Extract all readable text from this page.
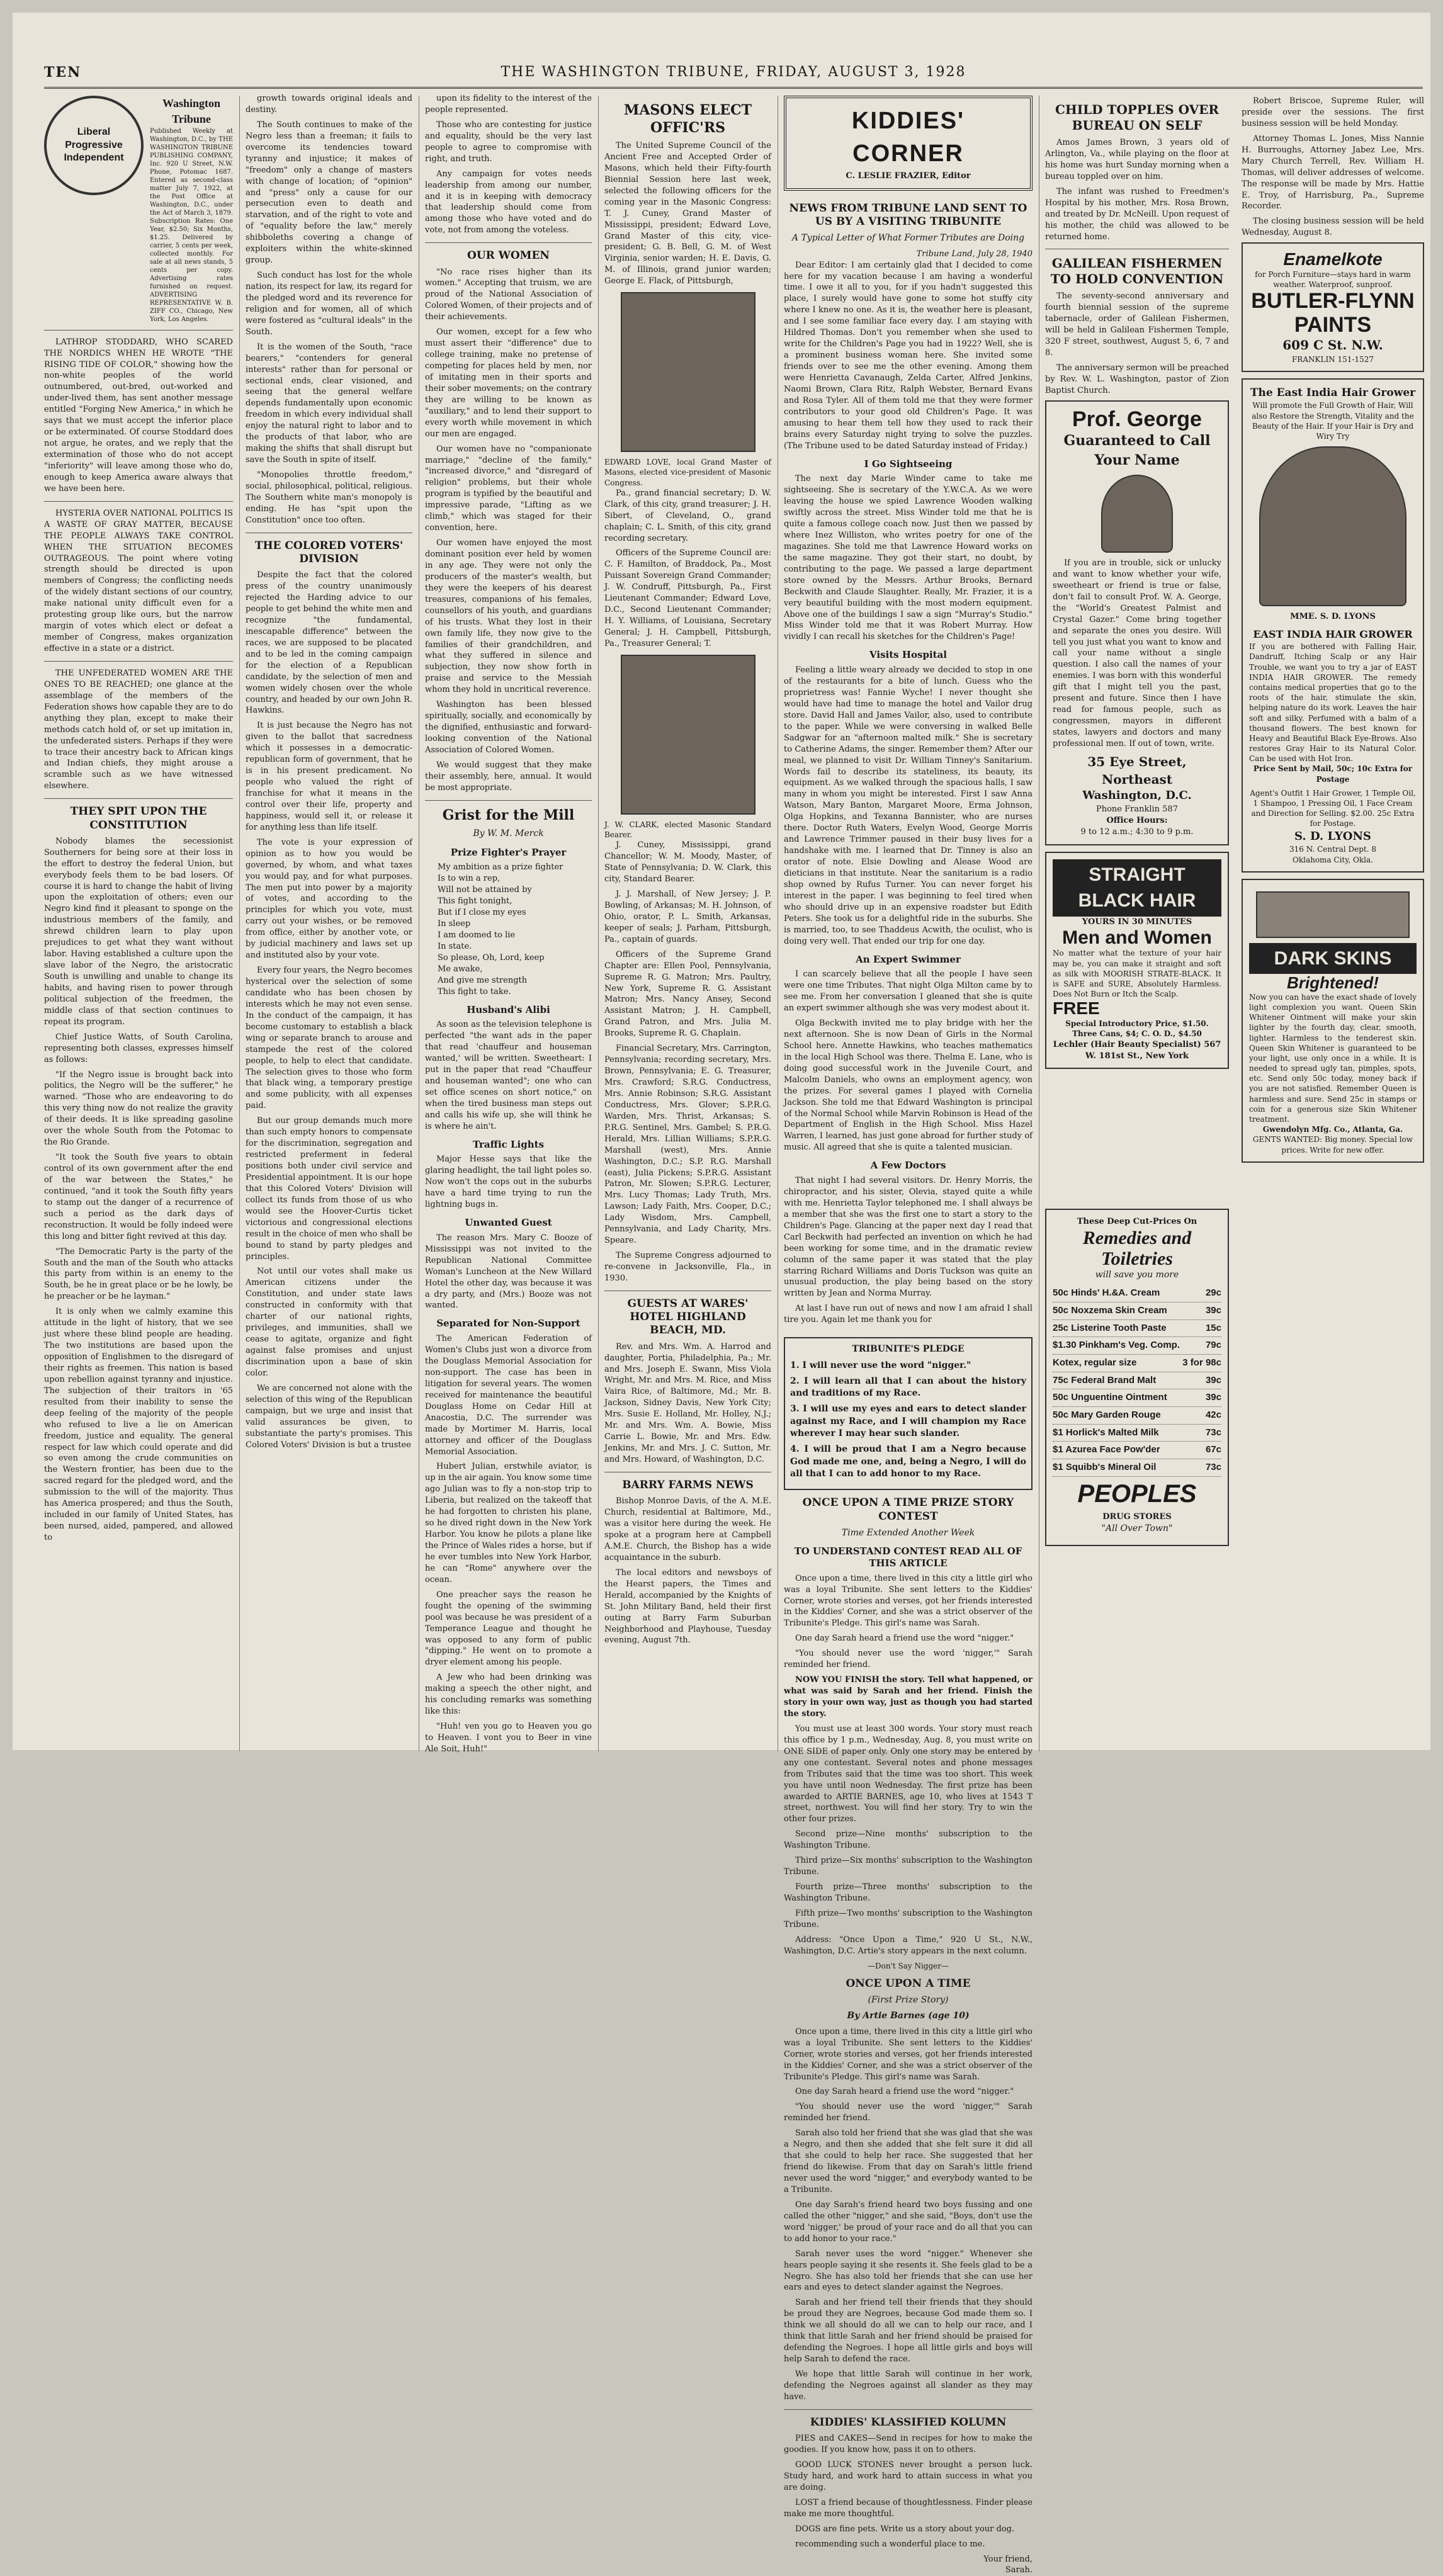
TEN	THE WASHINGTON TRIBUNE, FRIDAY, AUGUST 3, 1928
Liberal
Progressive
Independent
Washington Tribune
Published Weekly at Washington, D.C., by THE WASHINGTON TRIBUNE PUBLISHING COMPANY, Inc. 920 U Street, N.W. Phone, Potomac 1687. Entered as second-class matter July 7, 1922, at the Post Office at Washington, D.C., under the Act of March 3, 1879. Subscription Rates: One Year, $2.50; Six Months, $1.25. Delivered by carrier, 5 cents per week, collected monthly. For sale at all news stands, 5 cents per copy. Advertising rates furnished on request. ADVERTISING REPRESENTATIVE W. B. ZIFF CO., Chicago, New York, Los Angeles.

LATHROP STODDARD, WHO SCARED THE NORDICS WHEN HE WROTE "THE RISING TIDE OF COLOR," showing how the non-white peoples of the world outnumbered, out-bred, out-worked and under-lived them, has sent another message entitled "Forging New America," in which he says that we must accept the inferior place or be exterminated. Of course Stoddard does not argue, he orates, and we reply that the extermination of those who do not accept "inferiority" will leave among those who do, enough to keep America aware always that we have been here.

HYSTERIA OVER NATIONAL POLITICS IS A WASTE OF GRAY MATTER, BECAUSE THE PEOPLE ALWAYS TAKE CONTROL WHEN THE SITUATION BECOMES OUTRAGEOUS. The point where voting strength should be directed is upon members of Congress; the conflicting needs of the widely distant sections of our country, make national unity difficult even for a protesting group like ours, but the narrow margin of votes which elect or defeat a member of Congress, makes organization effective in a state or a district.

THE UNFEDERATED WOMEN ARE THE ONES TO BE REACHED; one glance at the assemblage of the members of the Federation shows how capable they are to do anything they plan, except to make their methods catch hold of, or set up imitation in, the unfederated sisters. Perhaps if they were to trace their ancestry back to African kings and Indian chiefs, they might arouse a scramble such as we have witnessed elsewhere.

THEY SPIT UPON THE CONSTITUTION

Nobody blames the secessionist Southerners for being sore at their loss in the effort to destroy the federal Union, but everybody feels them to be bad losers. Of course it is hard to change the habit of living upon the exploitation of others; even our Negro kind find it pleasant to sponge on the industrious members of the family, and shrewd children learn to play upon prejudices to get what they want without labor. Having established a culture upon the slave labor of the Negro, the aristocratic South is unwilling and unable to change its habits, and having risen to power through political subjection of the freedmen, the middle class of that section continues to repeat its program.

Chief Justice Watts, of South Carolina, representing both classes, expresses himself as follows:

"If the Negro issue is brought back into politics, the Negro will be the sufferer," he warned. "Those who are endeavoring to do this very thing now do not realize the gravity of their deeds. It is like spreading gasoline over the whole South from the Potomac to the Rio Grande.

"It took the South five years to obtain control of its own government after the end of the war between the States," he continued, "and it took the South fifty years to stamp out the danger of a recurrence of such a period as the dark days of reconstruction. It would be folly indeed were this long and bitter fight revived at this day.

"The Democratic Party is the party of the South and the man of the South who attacks this party from within is an enemy to the South, be he in great place or be he lowly, be he preacher or be he layman."

It is only when we calmly examine this attitude in the light of history, that we see just where these blind people are heading. The two institutions are based upon the opposition of Englishmen to the disregard of their rights as freemen. This nation is based upon rebellion against tyranny and injustice. The subjection of their traitors in '65 resulted from their inability to sense the deep feeling of the majority of the people who refused to live a lie on American freedom, justice and equality. The general respect for law which could operate and did so even among the crude communities on the Western frontier, has been due to the sacred regard for the pledged word, and the submission to the will of the majority. Thus has America prospered; and thus the South, included in our family of United States, has been nursed, aided, pampered, and allowed to

growth towards original ideals and destiny.

The South continues to make of the Negro less than a freeman; it fails to overcome its tendencies toward tyranny and injustice; it makes of "freedom" only a change of masters with change of location; of "opinion" and "press" only a cause for our persecution even to death and starvation, and of the right to vote and of "equality before the law," merely shibboleths covering a change of exploiters within the white-skinned group.

Such conduct has lost for the whole nation, its respect for law, its regard for the pledged word and its reverence for religion and for women, all of which were fostered as "cultural ideals" in the South.

It is the women of the South, "race bearers," "contenders for general interests" rather than for personal or sectional ends, clear visioned, and seeing that the general welfare depends fundamentally upon economic freedom in which every individual shall enjoy the natural right to labor and to the products of that labor, who are making the shifts that shall disrupt but save the South in spite of itself.

"Monopolies throttle freedom," social, philosophical, political, religious. The Southern white man's monopoly is ending. He has "spit upon the Constitution" once too often.

THE COLORED VOTERS' DIVISION

Despite the fact that the colored press of the country unanimously rejected the Harding advice to our people to get behind the white men and recognize "the fundamental, inescapable difference" between the races, we are supposed to be placated and to be led in the coming campaign for the election of a Republican candidate, by the selection of men and women widely chosen over the whole country, and headed by our own John R. Hawkins.

It is just because the Negro has not given to the ballot that sacredness which it possesses in a democratic-republican form of government, that he is in his present predicament. No people who valued the right of franchise for what it means in the control over their life, property and happiness, would sell it, or release it for anything less than life itself.

The vote is your expression of opinion as to how you would be governed, by whom, and what taxes you would pay, and for what purposes. The men put into power by a majority of votes, and according to the principles for which you vote, must carry out your wishes, or be removed from office, either by another vote, or by judicial machinery and laws set up and instituted also by your vote.

Every four years, the Negro becomes hysterical over the selection of some candidate who has been chosen by interests which he may not even sense. In the conduct of the campaign, it has become customary to establish a black wing or separate branch to arouse and stampede the rest of the colored people, to help to elect that candidate. The selection gives to those who form that black wing, a temporary prestige and some publicity, with all expenses paid.

But our group demands much more than such empty honors to compensate for the discrimination, segregation and restricted preferment in federal positions both under civil service and Presidential appointment. It is our hope that this Colored Voters' Division will collect its funds from those of us who would see the Hoover-Curtis ticket victorious and congressional elections result in the choice of men who shall be bound to stand by party pledges and principles.

Not until our votes shall make us American citizens under the Constitution, and under state laws constructed in conformity with that charter of our national rights, privileges, and immunities, shall we cease to agitate, organize and fight against false promises and unjust discrimination upon a base of skin color.

We are concerned not alone with the selection of this wing of the Republican campaign, but we urge and insist that valid assurances be given, to substantiate the party's promises. This Colored Voters' Division is but a trustee

upon its fidelity to the interest of the people represented.

Those who are contesting for justice and equality, should be the very last people to agree to compromise with right, and truth.

Any campaign for votes needs leadership from among our number, and it is in keeping with democracy that leadership should come from among those who have voted and do vote, not from among the voteless.

OUR WOMEN

"No race rises higher than its women." Accepting that truism, we are proud of the National Association of Colored Women, of their projects and of their achievements.

Our women, except for a few who must assert their "difference" due to college training, make no pretense of competing for places held by men, nor of imitating men in their sports and their sober movements; on the contrary they are willing to be known as "auxiliary," and to lend their support to every worth while movement in which our men are engaged.

Our women have no "companionate marriage," "decline of the family," "increased divorce," and "disregard of religion" problems, but their whole program is typified by the beautiful and impressive parade, "Lifting as we climb," which was staged for their convention, here.

Our women have enjoyed the most dominant position ever held by women in any age. They were not only the producers of the master's wealth, but they were the keepers of his dearest treasures, companions of his females, counsellors of his youth, and guardians of his trusts. What they lost in their own family life, they now give to the families of their grandchildren, and what they suffered in silence and subjection, they now show forth in praise and service to the Messiah whom they hold in uncritical reverence.

Washington has been blessed spiritually, socially, and economically by the dignified, enthusiastic and forward-looking convention of the National Association of Colored Women.

We would suggest that they make their assembly, here, annual. It would be most appropriate.

Grist for the Mill
By W. M. Merck
Prize Fighter's Prayer
My ambition as a prize fighter
Is to win a rep,
Will not be attained by
This fight tonight,
But if I close my eyes
In sleep
I am doomed to lie
In state.
So please, Oh, Lord, keep
Me awake,
And give me strength
This fight to take.
Husband's Alibi

As soon as the television telephone is perfected "the want ads in the paper that read 'chauffeur and houseman wanted,' will be written. Sweetheart: I put in the paper that read "Chauffeur and houseman wanted"; one who can set office scenes on short notice," on when the tired business man steps out and calls his wife up, she will think he is where he ain't.

Traffic Lights

Major Hesse says that like the glaring headlight, the tail light poles so. Now won't the cops out in the suburbs have a hard time trying to run the lightning bugs in.

Unwanted Guest

The reason Mrs. Mary C. Booze of Mississippi was not invited to the Republican National Committee Woman's Luncheon at the New Willard Hotel the other day, was because it was a dry party, and (Mrs.) Booze was not wanted.

Separated for Non-Support

The American Federation of Women's Clubs just won a divorce from the Douglass Memorial Association for non-support. The case has been in litigation for several years. The women received for maintenance the beautiful Douglass Home on Cedar Hill at Anacostia, D.C. The surrender was made by Mortimer M. Harris, local attorney and officer of the Douglass Memorial Association.

Hubert Julian, erstwhile aviator, is up in the air again. You know some time ago Julian was to fly a non-stop trip to Liberia, but realized on the takeoff that he had forgotten to christen his plane, so he dived right down in the New York Harbor. You know he pilots a plane like the Prince of Wales rides a horse, but if he ever tumbles into New York Harbor, he can "Rome" anywhere over the ocean.

One preacher says the reason he fought the opening of the swimming pool was because he was president of a Temperance League and thought he was opposed to any form of public "dipping." He went on to promote a dryer element among his people.

A Jew who had been drinking was making a speech the other night, and his concluding remarks was something like this:

"Huh! ven you go to Heaven you go to Heaven. I vont you to Beer in vine Ale Soit, Huh!"

MASONS ELECT OFFIC'RS

The United Supreme Council of the Ancient Free and Accepted Order of Masons, which held their Fifty-fourth Biennial Session here last week, selected the following officers for the coming year in the Masonic Congress: T. J. Cuney, Grand Master of Mississippi, president; Edward Love, Grand Master of this city, vice-president; G. B. Bell, G. M. of West Virginia, senior warden; H. E. Davis, G. M. of Illinois, grand junior warden; George E. Flack, of Pittsburgh,

EDWARD LOVE, local Grand Master of Masons, elected vice-president of Masonic Congress.

Pa., grand financial secretary; D. W. Clark, of this city, grand treasurer; J. H. Sibert, of Cleveland, O., grand chaplain; C. L. Smith, of this city, grand recording secretary.

Officers of the Supreme Council are: C. F. Hamilton, of Braddock, Pa., Most Puissant Sovereign Grand Commander; J. W. Condruff, Pittsburgh, Pa., First Lieutenant Commander; Edward Love, D.C., Second Lieutenant Commander; H. Y. Williams, of Louisiana, Secretary General; J. H. Campbell, Pittsburgh, Pa., Treasurer General; T.

J. W. CLARK, elected Masonic Standard Bearer.

J. Cuney, Mississippi, grand Chancellor; W. M. Moody, Master, of State of Pennsylvania; D. W. Clark, this city, Standard Bearer.

J. J. Marshall, of New Jersey; J. P. Bowling, of Arkansas; M. H. Johnson, of Ohio, orator, P. L. Smith, Arkansas, keeper of seals; J. Parham, Pittsburgh, Pa., captain of guards.

Officers of the Supreme Grand Chapter are: Ellen Pool, Pennsylvania, Supreme R. G. Matron; Mrs. Paultry, New York, Supreme R. G. Assistant Matron; Mrs. Nancy Ansey, Second Assistant Matron; J. H. Campbell, Grand Patron, and Mrs. Julia M. Brooks, Supreme R. G. Chaplain.

Financial Secretary, Mrs. Carrington, Pennsylvania; recording secretary, Mrs. Brown, Pennsylvania; E. G. Treasurer, Mrs. Crawford; S.R.G. Conductress, Mrs. Annie Robinson; S.R.G. Assistant Conductress, Mrs. Glover; S.P.R.G. Warden, Mrs. Thrist, Arkansas; S. P.R.G. Sentinel, Mrs. Gambel; S. P.R.G. Herald, Mrs. Lillian Williams; S.P.R.G. Marshall (west), Mrs. Annie Washington, D.C.; S.P. R.G. Marshall (east), Julia Pickens; S.P.R.G. Assistant Patron, Mr. Slowen; S.P.R.G. Lecturer, Mrs. Lucy Thomas; Lady Truth, Mrs. Lawson; Lady Faith, Mrs. Cooper, D.C.; Lady Wisdom, Mrs. Campbell, Pennsylvania, and Lady Charity, Mrs. Speare.

The Supreme Congress adjourned to re-convene in Jacksonville, Fla., in 1930.

GUESTS AT WARES' HOTEL HIGHLAND BEACH, MD.

Rev. and Mrs. Wm. A. Harrod and daughter, Portia, Philadelphia, Pa.; Mr. and Mrs. Joseph E. Swann, Miss Viola Wright, Mr. and Mrs. M. Rice, and Miss Vaira Rice, of Baltimore, Md.; Mr. B. Jackson, Sidney Davis, New York City; Mrs. Susie E. Holland, Mr. Holley, N.J.; Mr. and Mrs. Wm. A. Bowie, Miss Carrie L. Bowie, Mr. and Mrs. Edw. Jenkins, Mr. and Mrs. J. C. Sutton, Mr. and Mrs. Howard, of Washington, D.C.

BARRY FARMS NEWS

Bishop Monroe Davis, of the A. M.E. Church, residential at Baltimore, Md., was a visitor here during the week. He spoke at a program here at Campbell A.M.E. Church, the Bishop has a wide acquaintance in the suburb.

The local editors and newsboys of the Hearst papers, the Times and Herald, accompanied by the Knights of St. John Military Band, held their first outing at Barry Farm Suburban Neighborhood and Playhouse, Tuesday evening, August 7th.

KIDDIES' CORNER
C. LESLIE FRAZIER, Editor
NEWS FROM TRIBUNE LAND SENT TO US BY A VISITING TRIBUNITE
A Typical Letter of What Former Tributes are Doing
Tribune Land, July 28, 1940

Dear Editor: I am certainly glad that I decided to come here for my vacation because I am having a wonderful time. I owe it all to you, for if you hadn't suggested this place, I surely would have gone to some hot stuffy city where I knew no one. As it is, the weather here is pleasant, and I see some familiar face every day. I am staying with Hildred Thomas. Don't you remember when she used to write for the Children's Page you had in 1922? Well, she is a prominent business woman here. She invited some friends over to see me the other evening. Among them were Henrietta Cavanaugh, Zelda Carter, Alfred Jenkins, Naomi Brown, Clara Ritz, Ralph Webster, Bernard Evans and Rosa Tyler. All of them told me that they were former contributors to your good old Children's Page. It was amusing to hear them tell how they used to rack their brains every Saturday night trying to solve the puzzles. (The Tribune used to be dated Saturday instead of Friday.)

I Go Sightseeing

The next day Marie Winder came to take me sightseeing. She is secretary of the Y.W.C.A. As we were leaving the house we spied Lawrence Wooden walking swiftly across the street. Miss Winder told me that he is quite a famous college coach now. Just then we passed by where Inez Williston, who writes poetry for one of the magazines. She told me that Lawrence Howard works on the same magazine. They got their start, no doubt, by contributing to the page. We passed a large department store owned by the Messrs. Arthur Brooks, Bernard Beckwith and Claude Slaughter. Really, Mr. Frazier, it is a very beautiful building with the most modern equipment. Above one of the buildings I saw a sign "Murray's Studio." Miss Winder told me that it was Robert Murray. How vividly I can recall his sketches for the Children's Page!

Visits Hospital

Feeling a little weary already we decided to stop in one of the restaurants for a bite of lunch. Guess who the proprietress was! Fannie Wyche! I never thought she would have had time to manage the hotel and Vailor drug store. David Hall and James Vailor, also, used to contribute to the paper. While we were conversing in walked Belle Sadgwar for an "afternoon malted milk." She is secretary to Catherine Adams, the singer. Remember them? After our meal, we planned to visit Dr. William Tinney's Sanitarium. Words fail to describe its stateliness, its beauty, its equipment. As we walked through the spacious halls, I saw many in whom you might be interested. First I saw Anna Watson, Mary Banton, Margaret Moore, Erma Johnson, Olga Hopkins, and Texanna Bannister, who are nurses there. Doctor Ruth Waters, Evelyn Wood, George Morris and Lawrence Trimmer paused in their busy lives for a handshake with me. I learned that Dr. Tinney is also an orator of note. Elsie Dowling and Alease Wood are dieticians in that institute. Near the sanitarium is a radio shop owned by Rufus Turner. You can never forget his interest in the paper. I was beginning to feel tired when who should drive up in an expensive roadster but Edith Peters. She took us for a delightful ride in the suburbs. She is married, too, to see Thaddeus Acwith, the oculist, who is doing very well. That ended our trip for one day.

An Expert Swimmer

I can scarcely believe that all the people I have seen were one time Tributes. That night Olga Milton came by to see me. From her conversation I gleaned that she is quite an expert swimmer although she was very modest about it.

Olga Beckwith invited me to play bridge with her the next afternoon. She is now Dean of Girls in the Normal School here. Annette Hawkins, who teaches mathematics in the local High School was there. Thelma E. Lane, who is doing good successful work in the Juvenile Court, and Malcolm Daniels, who owns an employment agency, won the prizes. For several games I played with Cornelia Jackson. She told me that Edward Washington is principal of the Normal School while Marvin Robinson is Head of the Department of English in the High School. Miss Hazel Warren, I learned, has just gone abroad for further study of music. All agreed that she is quite a talented musician.

A Few Doctors

That night I had several visitors. Dr. Henry Morris, the chiropractor, and his sister, Olevia, stayed quite a while with me. Henrietta Taylor telephoned me. I shall always be a member that she was the first one to start a story to the Children's Page. Glancing at the paper next day I read that Carl Beckwith had perfected an invention on which he had been working for some time, and in the dramatic review column of the same paper it was stated that the play starring Richard Williams and Doris Tuckson was quite an unusual production, the play being based on the story written by Jean and Norma Murray.

At last I have run out of news and now I am afraid I shall tire you. Again let me thank you for

TRIBUNITE'S PLEDGE

1. I will never use the word "nigger."

2. I will learn all that I can about the history and traditions of my Race.

3. I will use my eyes and ears to detect slander against my Race, and I will champion my Race wherever I may hear such slander.

4. I will be proud that I am a Negro because God made me one, and, being a Negro, I will do all that I can to add honor to my Race.

ONCE UPON A TIME PRIZE STORY CONTEST
Time Extended Another Week
TO UNDERSTAND CONTEST READ ALL OF THIS ARTICLE

Once upon a time, there lived in this city a little girl who was a loyal Tribunite. She sent letters to the Kiddies' Corner, wrote stories and verses, got her friends interested in the Kiddies' Corner, and she was a strict observer of the Tribunite's Pledge. This girl's name was Sarah.

One day Sarah heard a friend use the word "nigger."

"You should never use the word 'nigger,'" Sarah reminded her friend.

NOW YOU FINISH the story. Tell what happened, or what was said by Sarah and her friend. Finish the story in your own way, just as though you had started the story.

You must use at least 300 words. Your story must reach this office by 1 p.m., Wednesday, Aug. 8, you must write on ONE SIDE of paper only. Only one story may be entered by any one contestant. Several notes and phone messages from Tributes said that the time was too short. This week you have until noon Wednesday. The first prize has been awarded to ARTIE BARNES, age 10, who lives at 1543 T street, northwest. You will find her story. Try to win the other four prizes.

Second prize—Nine months' subscription to the Washington Tribune.

Third prize—Six months' subscription to the Washington Tribune.

Fourth prize—Three months' subscription to the Washington Tribune.

Fifth prize—Two months' subscription to the Washington Tribune.

Address: "Once Upon a Time," 920 U St., N.W., Washington, D.C. Artie's story appears in the next column.

—Don't Say Nigger—
ONCE UPON A TIME
(First Prize Story)
By Artie Barnes (age 10)

Once upon a time, there lived in this city a little girl who was a loyal Tribunite. She sent letters to the Kiddies' Corner, wrote stories and verses, got her friends interested in the Kiddies' Corner, and she was a strict observer of the Tribunite's Pledge. This girl's name was Sarah.

One day Sarah heard a friend use the word "nigger."

"You should never use the word 'nigger,'" Sarah reminded her friend.

Sarah also told her friend that she was glad that she was a Negro, and then she added that she felt sure it did all that she could to help her race. She suggested that her friend do likewise. From that day on Sarah's little friend never used the word "nigger," and everybody wanted to be a Tribunite.

One day Sarah's friend heard two boys fussing and one called the other "nigger," and she said, "Boys, don't use the word 'nigger,' be proud of your race and do all that you can to add honor to your race."

Sarah never uses the word "nigger." Whenever she hears people saying it she resents it. She feels glad to be a Negro. She has also told her friends that she can use her ears and eyes to detect slander against the Negroes.

Sarah and her friend tell their friends that they should be proud they are Negroes, because God made them so. I think we all should do all we can to help our race, and I think that little Sarah and her friend should be praised for defending the Negroes. I hope all little girls and boys will help Sarah to defend the race.

We hope that little Sarah will continue in her work, defending the Negroes against all slander as they may have.

KIDDIES' KLASSIFIED KOLUMN

PIES and CAKES—Send in recipes for how to make the goodies. If you know how, pass it on to others.

GOOD LUCK STONES never brought a person luck. Study hard, and work hard to attain success in what you are doing.

LOST a friend because of thoughtlessness. Finder please make me more thoughtful.

DOGS are fine pets. Write us a story about your dog.

recommending such a wonderful place to me.

Your friend,
Sarah.
CHILD TOPPLES OVER BUREAU ON SELF

Amos James Brown, 3 years old of Arlington, Va., while playing on the floor at his home was hurt Sunday morning when a bureau toppled over on him.

The infant was rushed to Freedmen's Hospital by his mother, Mrs. Rosa Brown, and treated by Dr. McNeill. Upon request of his mother, the child was allowed to be returned home.

GALILEAN FISHERMEN TO HOLD CONVENTION

The seventy-second anniversary and fourth biennial session of the supreme tabernacle, order of Galilean Fishermen, will be held in Galilean Fishermen Temple, 320 F street, southwest, August 5, 6, 7 and 8.

The anniversary sermon will be preached by Rev. W. L. Washington, pastor of Zion Baptist Church.

Prof. George
Guaranteed to Call Your Name

If you are in trouble, sick or unlucky and want to know whether your wife, sweetheart or friend is true or false, don't fail to consult Prof. W. A. George, the "World's Greatest Palmist and Crystal Gazer." Come bring together and separate the ones you desire. Will tell you just what you want to know and call your name without a single question. I also call the names of your enemies. I was born with this wonderful gift that I might tell you the past, present and future. Since then I have read for famous people, such as congressmen, mayors in different states, lawyers and doctors and many professional men. If out of town, write.

35 Eye Street, Northeast
Washington, D.C.
Phone Franklin 587
Office Hours:
9 to 12 a.m.; 4:30 to 9 p.m.
STRAIGHT BLACK HAIR
YOURS IN 30 MINUTES
Men and Women
No matter what the texture of your hair may be, you can make it straight and soft as silk with MOORISH STRATE-BLACK. It is SAFE and SURE, Absolutely Harmless. Does Not Burn or Itch the Scalp.
FREE
Special Introductory Price, $1.50. Three Cans, $4; C. O. D., $4.50
Lechler (Hair Beauty Specialist) 567 W. 181st St., New York
These Deep Cut-Prices On
Remedies and Toiletries
will save you more
50c Hinds' H.&A. Cream	29c
50c Noxzema Skin Cream	39c
25c Listerine Tooth Paste	15c
$1.30 Pinkham's Veg. Comp.	79c
Kotex, regular size	3 for 98c
75c Federal Brand Malt	39c
50c Unguentine Ointment	39c
50c Mary Garden Rouge	42c
$1 Horlick's Malted Milk	73c
$1 Azurea Face Pow'der	67c
$1 Squibb's Mineral Oil	73c
PEOPLES
DRUG STORES
"All Over Town"

Robert Briscoe, Supreme Ruler, will preside over the sessions. The first business session will be held Monday.

Attorney Thomas L. Jones, Miss Nannie H. Burroughs, Attorney Jabez Lee, Mrs. Mary Church Terrell, Rev. William H. Thomas, will deliver addresses of welcome. The response will be made by Mrs. Hattie E. Troy, of Harrisburg, Pa., Supreme Recorder.

The closing business session will be held Wednesday, August 8.

Enamelkote
for Porch Furniture—stays hard in warm weather. Waterproof, sunproof.
BUTLER-FLYNN PAINTS
609 C St. N.W.
FRANKLIN 151-1527
The East India Hair Grower
Will promote the Full Growth of Hair, Will also Restore the Strength, Vitality and the Beauty of the Hair. If your Hair is Dry and Wiry Try
MME. S. D. LYONS
EAST INDIA HAIR GROWER
If you are bothered with Falling Hair, Dandruff, Itching Scalp or any Hair Trouble, we want you to try a jar of EAST INDIA HAIR GROWER. The remedy contains medical properties that go to the roots of the hair, stimulate the skin, helping nature do its work. Leaves the hair soft and silky. Perfumed with a balm of a thousand flowers. The best known for Heavy and Beautiful Black Eye-Brows. Also restores Gray Hair to its Natural Color. Can be used with Hot Iron.
Price Sent by Mail, 50c; 10c Extra for Postage
Agent's Outfit 1 Hair Grower, 1 Temple Oil, 1 Shampoo, 1 Pressing Oil, 1 Face Cream and Direction for Selling. $2.00. 25c Extra for Postage.
S. D. LYONS
316 N. Central Dept. 8
Oklahoma City, Okla.
DARK SKINS
Brightened!
Now you can have the exact shade of lovely light complexion you want. Queen Skin Whitener Ointment will make your skin lighter by the fourth day, clear, smooth, lighter. Harmless to the tenderest skin. Queen Skin Whitener is guaranteed to be your light, use only once in a while. It is needed to spread ugly tan, pimples, spots, etc. Send only 50c today, money back if you are not satisfied. Remember Queen is harmless and sure. Send 25c in stamps or coin for a generous size Skin Whitener treatment.
Gwendolyn Mfg. Co., Atlanta, Ga.
GENTS WANTED: Big money. Special low prices. Write for new offer.
